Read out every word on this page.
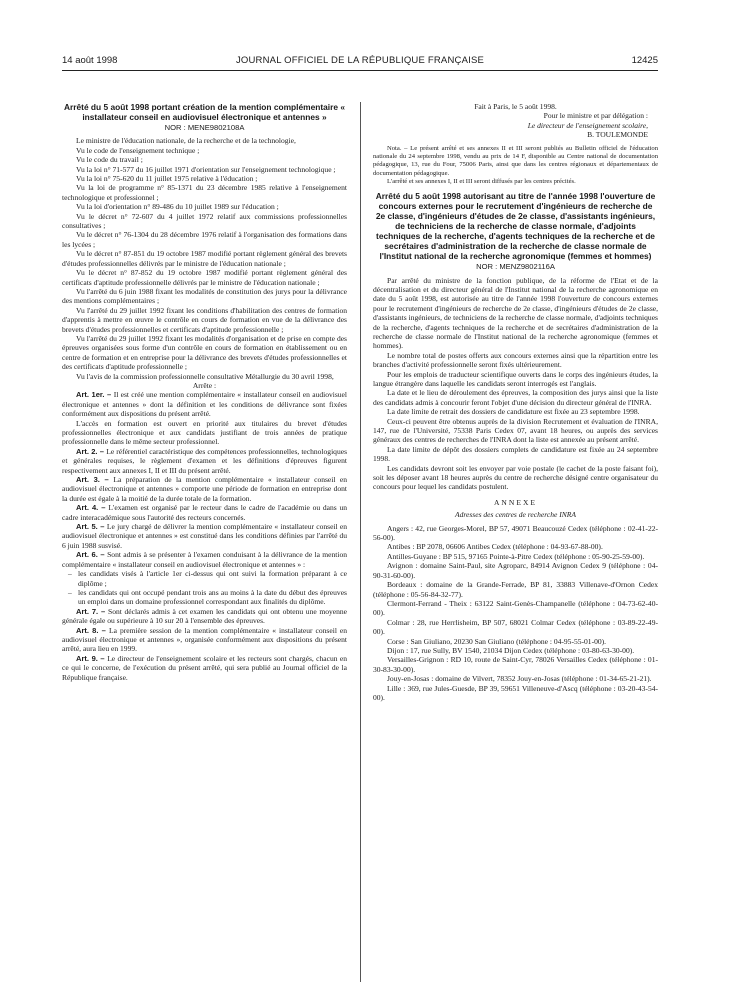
14 août 1998	JOURNAL OFFICIEL DE LA RÉPUBLIQUE FRANÇAISE	12425

Arrêté du 5 août 1998 portant création de la mention complémentaire « installateur conseil en audiovisuel électronique et antennes »

NOR : MENE9802108A

Le ministre de l'éducation nationale, de la recherche et de la technologie,

Vu le code de l'enseignement technique ;

Vu le code du travail ;

Vu la loi n° 71-577 du 16 juillet 1971 d'orientation sur l'enseignement technologique ;

Vu la loi n° 75-620 du 11 juillet 1975 relative à l'éducation ;

Vu la loi de programme n° 85-1371 du 23 décembre 1985 relative à l'enseignement technologique et professionnel ;

Vu la loi d'orientation n° 89-486 du 10 juillet 1989 sur l'éducation ;

Vu le décret n° 72-607 du 4 juillet 1972 relatif aux commissions professionnelles consultatives ;

Vu le décret n° 76-1304 du 28 décembre 1976 relatif à l'organisation des formations dans les lycées ;

Vu le décret n° 87-851 du 19 octobre 1987 modifié portant règlement général des brevets d'études professionnelles délivrés par le ministre de l'éducation nationale ;

Vu le décret n° 87-852 du 19 octobre 1987 modifié portant règlement général des certificats d'aptitude professionnelle délivrés par le ministre de l'éducation nationale ;

Vu l'arrêté du 6 juin 1988 fixant les modalités de constitution des jurys pour la délivrance des mentions complémentaires ;

Vu l'arrêté du 29 juillet 1992 fixant les conditions d'habilitation des centres de formation d'apprentis à mettre en œuvre le contrôle en cours de formation en vue de la délivrance des brevets d'études professionnelles et certificats d'aptitude professionnelle ;

Vu l'arrêté du 29 juillet 1992 fixant les modalités d'organisation et de prise en compte des épreuves organisées sous forme d'un contrôle en cours de formation en établissement ou en centre de formation et en entreprise pour la délivrance des brevets d'études professionnelles et des certificats d'aptitude professionnelle ;

Vu l'avis de la commission professionnelle consultative Métallurgie du 30 avril 1998,

Arrête :

Art. 1er. – Il est créé une mention complémentaire « installateur conseil en audiovisuel électronique et antennes » dont la définition et les conditions de délivrance sont fixées conformément aux dispositions du présent arrêté.

L'accès en formation est ouvert en priorité aux titulaires du brevet d'études professionnelles électronique et aux candidats justifiant de trois années de pratique professionnelle dans le même secteur professionnel.

Art. 2. – Le référentiel caractéristique des compétences professionnelles, technologiques et générales requises, le règlement d'examen et les définitions d'épreuves figurent respectivement aux annexes I, II et III du présent arrêté.

Art. 3. – La préparation de la mention complémentaire « installateur conseil en audiovisuel électronique et antennes » comporte une période de formation en entreprise dont la durée est égale à la moitié de la durée totale de la formation.

Art. 4. – L'examen est organisé par le recteur dans le cadre de l'académie ou dans un cadre interacadémique sous l'autorité des recteurs concernés.

Art. 5. – Le jury chargé de délivrer la mention complémentaire « installateur conseil en audiovisuel électronique et antennes » est constitué dans les conditions définies par l'arrêté du 6 juin 1988 susvisé.

Art. 6. – Sont admis à se présenter à l'examen conduisant à la délivrance de la mention complémentaire « installateur conseil en audiovisuel électronique et antennes » :

– les candidats visés à l'article 1er ci-dessus qui ont suivi la formation préparant à ce diplôme ;

– les candidats qui ont occupé pendant trois ans au moins à la date du début des épreuves un emploi dans un domaine professionnel correspondant aux finalités du diplôme.

Art. 7. – Sont déclarés admis à cet examen les candidats qui ont obtenu une moyenne générale égale ou supérieure à 10 sur 20 à l'ensemble des épreuves.

Art. 8. – La première session de la mention complémentaire « installateur conseil en audiovisuel électronique et antennes », organisée conformément aux dispositions du présent arrêté, aura lieu en 1999.

Art. 9. – Le directeur de l'enseignement scolaire et les recteurs sont chargés, chacun en ce qui le concerne, de l'exécution du présent arrêté, qui sera publié au Journal officiel de la République française.

Fait à Paris, le 5 août 1998.

Pour le ministre et par délégation :

Le directeur de l'enseignement scolaire,

B. TOULEMONDE

Nota. – Le présent arrêté et ses annexes II et III seront publiés au Bulletin officiel de l'éducation nationale du 24 septembre 1998, vendu au prix de 14 F, disponible au Centre national de documentation pédagogique, 13, rue du Four, 75006 Paris, ainsi que dans les centres régionaux et départementaux de documentation pédagogique.

L'arrêté et ses annexes I, II et III seront diffusés par les centres précités.

Arrêté du 5 août 1998 autorisant au titre de l'année 1998 l'ouverture de concours externes pour le recrutement d'ingénieurs de recherche de 2e classe, d'ingénieurs d'études de 2e classe, d'assistants ingénieurs, de techniciens de la recherche de classe normale, d'adjoints techniques de la recherche, d'agents techniques de la recherche et de secrétaires d'administration de la recherche de classe normale de l'Institut national de la recherche agronomique (femmes et hommes)

NOR : MENZ9802116A

Par arrêté du ministre de la fonction publique, de la réforme de l'Etat et de la décentralisation et du directeur général de l'Institut national de la recherche agronomique en date du 5 août 1998, est autorisée au titre de l'année 1998 l'ouverture de concours externes pour le recrutement d'ingénieurs de recherche de 2e classe, d'ingénieurs d'études de 2e classe, d'assistants ingénieurs, de techniciens de la recherche de classe normale, d'adjoints techniques de la recherche, d'agents techniques de la recherche et de secrétaires d'administration de la recherche de classe normale de l'Institut national de la recherche agronomique (femmes et hommes).

Le nombre total de postes offerts aux concours externes ainsi que la répartition entre les branches d'activité professionnelle seront fixés ultérieurement.

Pour les emplois de traducteur scientifique ouverts dans le corps des ingénieurs études, la langue étrangère dans laquelle les candidats seront interrogés est l'anglais.

La date et le lieu de déroulement des épreuves, la composition des jurys ainsi que la liste des candidats admis à concourir feront l'objet d'une décision du directeur général de l'INRA.

La date limite de retrait des dossiers de candidature est fixée au 23 septembre 1998.

Ceux-ci peuvent être obtenus auprès de la division Recrutement et évaluation de l'INRA, 147, rue de l'Université, 75338 Paris Cedex 07, avant 18 heures, ou auprès des services généraux des centres de recherches de l'INRA dont la liste est annexée au présent arrêté.

La date limite de dépôt des dossiers complets de candidature est fixée au 24 septembre 1998.

Les candidats devront soit les envoyer par voie postale (le cachet de la poste faisant foi), soit les déposer avant 18 heures auprès du centre de recherche désigné centre organisateur du concours pour lequel les candidats postulent.

ANNEXE

Adresses des centres de recherche INRA

Angers : 42, rue Georges-Morel, BP 57, 49071 Beaucouzé Cedex (téléphone : 02-41-22-56-00).

Antibes : BP 2078, 06606 Antibes Cedex (téléphone : 04-93-67-88-00).

Antilles-Guyane : BP 515, 97165 Pointe-à-Pitre Cedex (téléphone : 05-90-25-59-00).

Avignon : domaine Saint-Paul, site Agroparc, 84914 Avignon Cedex 9 (téléphone : 04-90-31-60-00).

Bordeaux : domaine de la Grande-Ferrade, BP 81, 33883 Villenave-d'Ornon Cedex (téléphone : 05-56-84-32-77).

Clermont-Ferrand - Theix : 63122 Saint-Genès-Champanelle (téléphone : 04-73-62-40-00).

Colmar : 28, rue Herrlisheim, BP 507, 68021 Colmar Cedex (téléphone : 03-89-22-49-00).

Corse : San Giuliano, 20230 San Giuliano (téléphone : 04-95-55-01-00).

Dijon : 17, rue Sully, BV 1540, 21034 Dijon Cedex (téléphone : 03-80-63-30-00).

Versailles-Grignon : RD 10, route de Saint-Cyr, 78026 Versailles Cedex (téléphone : 01-30-83-30-00).

Jouy-en-Josas : domaine de Vilvert, 78352 Jouy-en-Josas (téléphone : 01-34-65-21-21).

Lille : 369, rue Jules-Guesde, BP 39, 59651 Villeneuve-d'Ascq (téléphone : 03-20-43-54-00).
